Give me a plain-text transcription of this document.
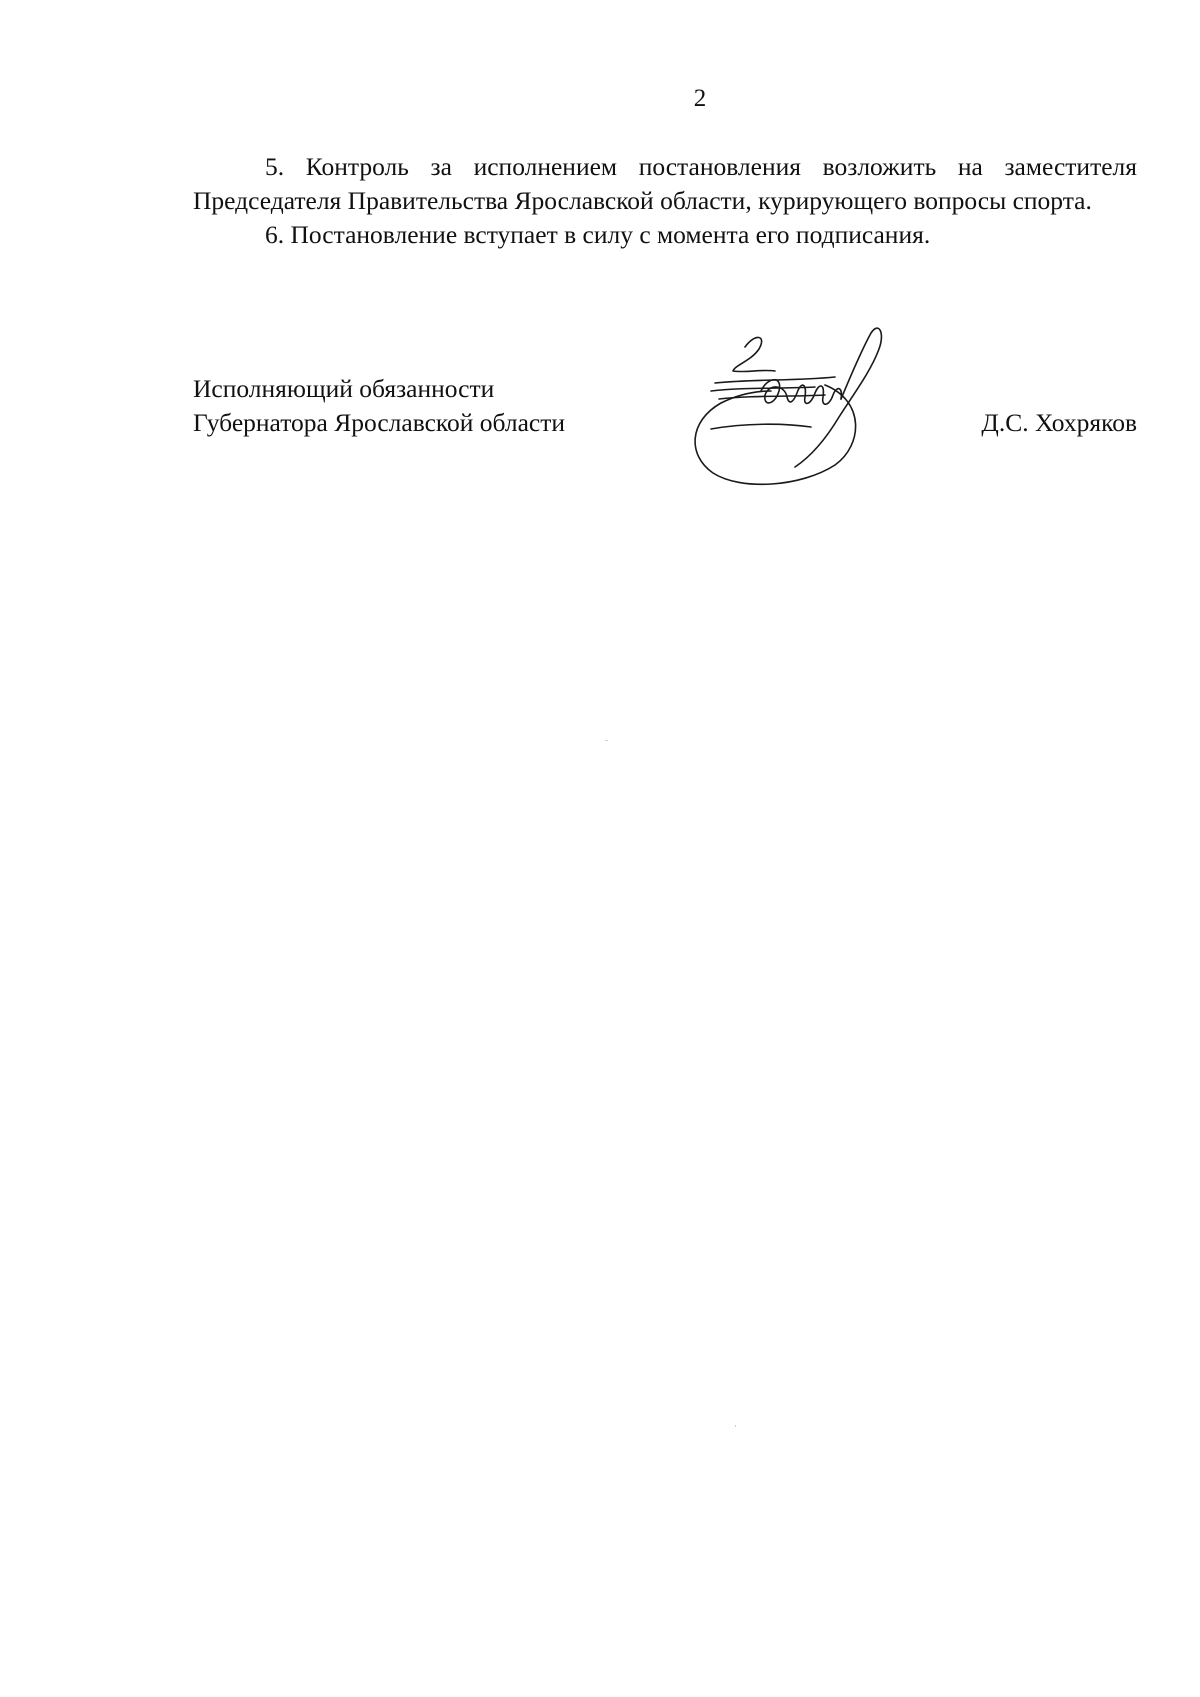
2

5. Контроль за исполнением постановления возложить на заместителя Председателя Правительства Ярославской области, курирующего вопросы спорта.

6. Постановление вступает в силу с момента его подписания.

Исполняющий обязанности
Губернатора Ярославской области	Д.С. Хохряков
